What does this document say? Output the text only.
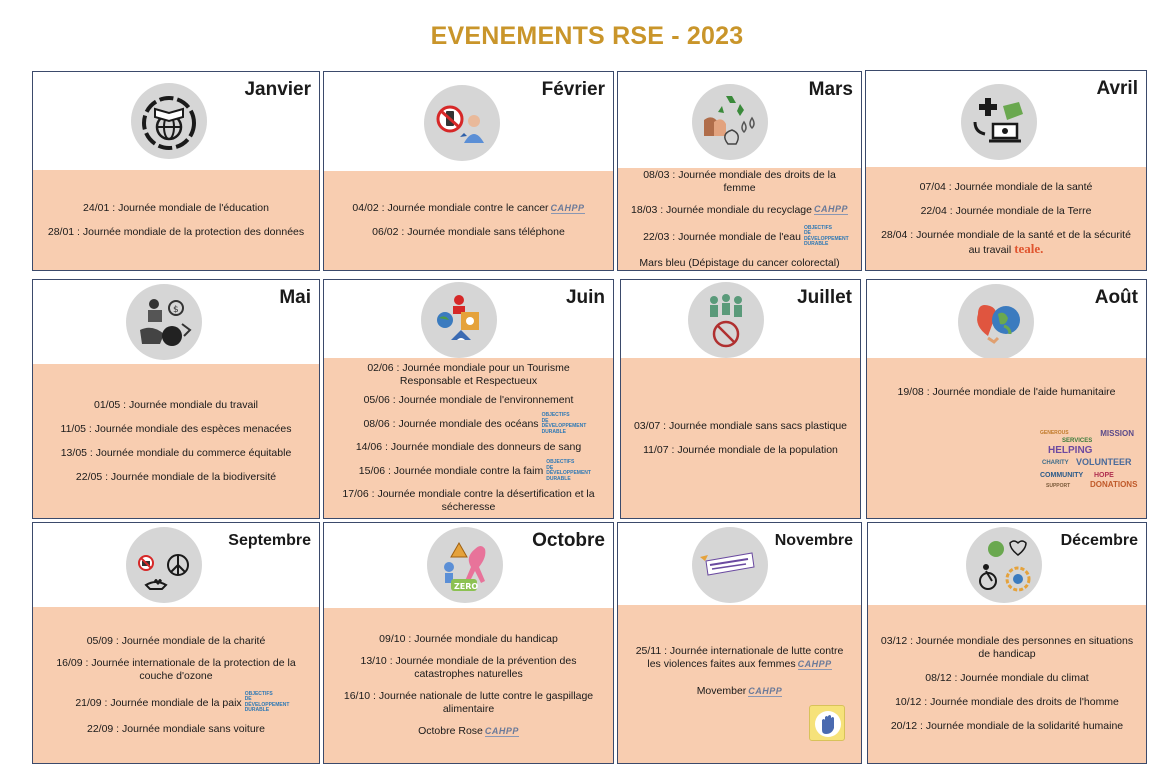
EVENEMENTS RSE - 2023
Janvier
24/01 : Journée mondiale de l'éducation
28/01 : Journée mondiale de la protection des données
Février
04/02 : Journée mondiale contre le cancer CAHPP
06/02 : Journée mondiale sans téléphone
Mars
08/03 : Journée mondiale des droits de la femme
18/03 : Journée mondiale du recyclage CAHPP
22/03 : Journée mondiale de l'eauOBJECTIFS DE DÉVELOPPEMENT DURABLE
Mars bleu (Dépistage du cancer colorectal)
Avril
07/04 : Journée mondiale de la santé
22/04 : Journée mondiale de la Terre
28/04 : Journée mondiale de la santé et de la sécurité au travail teale.
Mai
$
01/05 : Journée mondiale du travail
11/05 : Journée mondiale des espèces menacées
13/05 : Journée mondiale du commerce équitable
22/05 : Journée mondiale de la biodiversité
Juin
02/06 : Journée mondiale pour un Tourisme Responsable et Respectueux
05/06 : Journée mondiale de l'environnement
08/06 : Journée mondiale des océansOBJECTIFS DE DÉVELOPPEMENT DURABLE
14/06 : Journée mondiale des donneurs de sang
15/06 : Journée mondiale contre la faimOBJECTIFS DE DÉVELOPPEMENT DURABLE
17/06 : Journée mondiale contre la désertification et la sécheresse
Juillet
03/07 : Journée mondiale sans sacs plastique
11/07 : Journée mondiale de la population
Août
19/08 : Journée mondiale de l'aide humanitaire
MISSION
SERVICES
HELPING
GENEROUS
CHARITY VOLUNTEER
HOPE
COMMUNITY
DONATIONS
SUPPORT
Septembre
05/09 : Journée mondiale de la charité
16/09 : Journée internationale de la protection de la couche d'ozone
21/09 : Journée mondiale de la paixOBJECTIFS DE DÉVELOPPEMENT DURABLE
22/09 : Journée mondiale sans voiture
Octobre
ZERO
09/10 : Journée mondiale du handicap
13/10 : Journée mondiale de la prévention des catastrophes naturelles
16/10 : Journée nationale de lutte contre le gaspillage alimentaire
Octobre Rose CAHPP
Novembre
25/11 : Journée internationale de lutte contre les violences faites aux femmes CAHPP
Movember CAHPP
Décembre
03/12 : Journée mondiale des personnes en situations de handicap
08/12 : Journée mondiale du climat
10/12 : Journée mondiale des droits de l'homme
20/12 : Journée mondiale de la solidarité humaine
